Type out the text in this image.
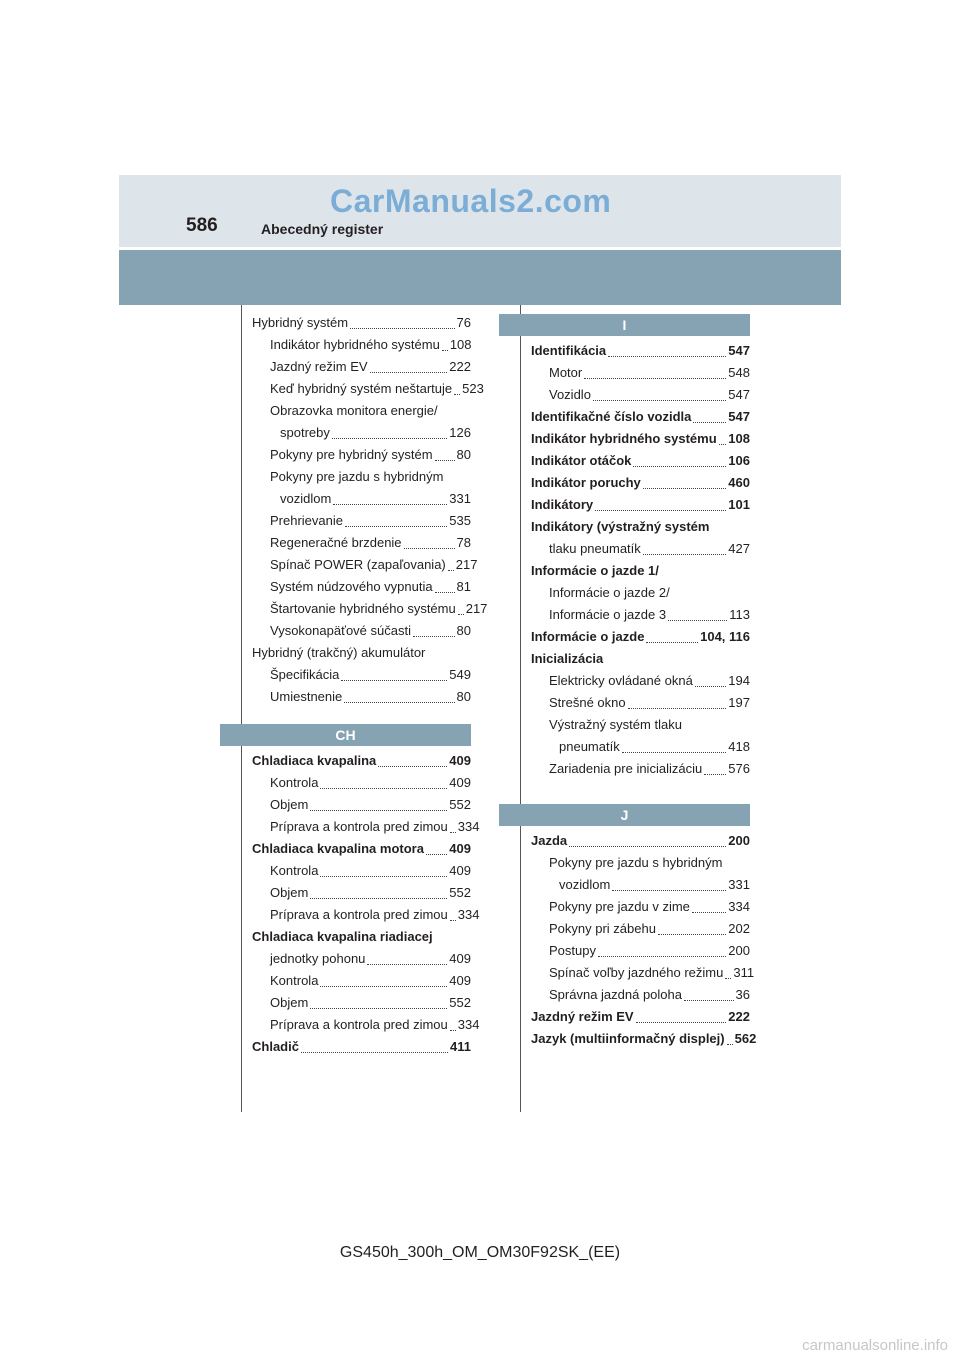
CarManuals2.com
586	Abecedný register
Hybridný systém	76
Indikátor hybridného systému 108
Jazdný režim EV	222
Keď hybridný systém neštartuje 523
Obrazovka monitora energie/
spotreby	126
Pokyny pre hybridný systém 80
Pokyny pre jazdu s hybridným
vozidlom	331
Prehrievanie	535
Regeneračné brzdenie	78
Spínač POWER (zapaľovania) 217
Systém núdzového vypnutia 81
Štartovanie hybridného systému 217
Vysokonapäťové súčasti	80
Hybridný (trakčný) akumulátor
Špecifikácia	549
Umiestnenie	80
CH
Chladiaca kvapalina	409
Kontrola	409
Objem	552
Príprava a kontrola pred zimou 334
Chladiaca kvapalina motora 409
Kontrola	409
Objem	552
Príprava a kontrola pred zimou 334
Chladiaca kvapalina riadiacej
jednotky pohonu	409
Kontrola	409
Objem	552
Príprava a kontrola pred zimou 334
Chladič	411
I
Identifikácia	547
Motor	548
Vozidlo	547
Identifikačné číslo vozidla	547
Indikátor hybridného systému 108
Indikátor otáčok	106
Indikátor poruchy	460
Indikátory	101
Indikátory (výstražný systém
tlaku pneumatík	427
Informácie o jazde 1/
Informácie o jazde 2/
Informácie o jazde 3	113
Informácie o jazde	104, 116
Inicializácia
Elektricky ovládané okná	194
Strešné okno	197
Výstražný systém tlaku
pneumatík	418
Zariadenia pre inicializáciu 576
J
Jazda	200
Pokyny pre jazdu s hybridným
vozidlom	331
Pokyny pre jazdu v zime	334
Pokyny pri zábehu	202
Postupy	200
Spínač voľby jazdného režimu 311
Správna jazdná poloha	36
Jazdný režim EV	222
Jazyk (multiinformačný displej) 562
GS450h_300h_OM_OM30F92SK_(EE)
carmanualsonline.info
